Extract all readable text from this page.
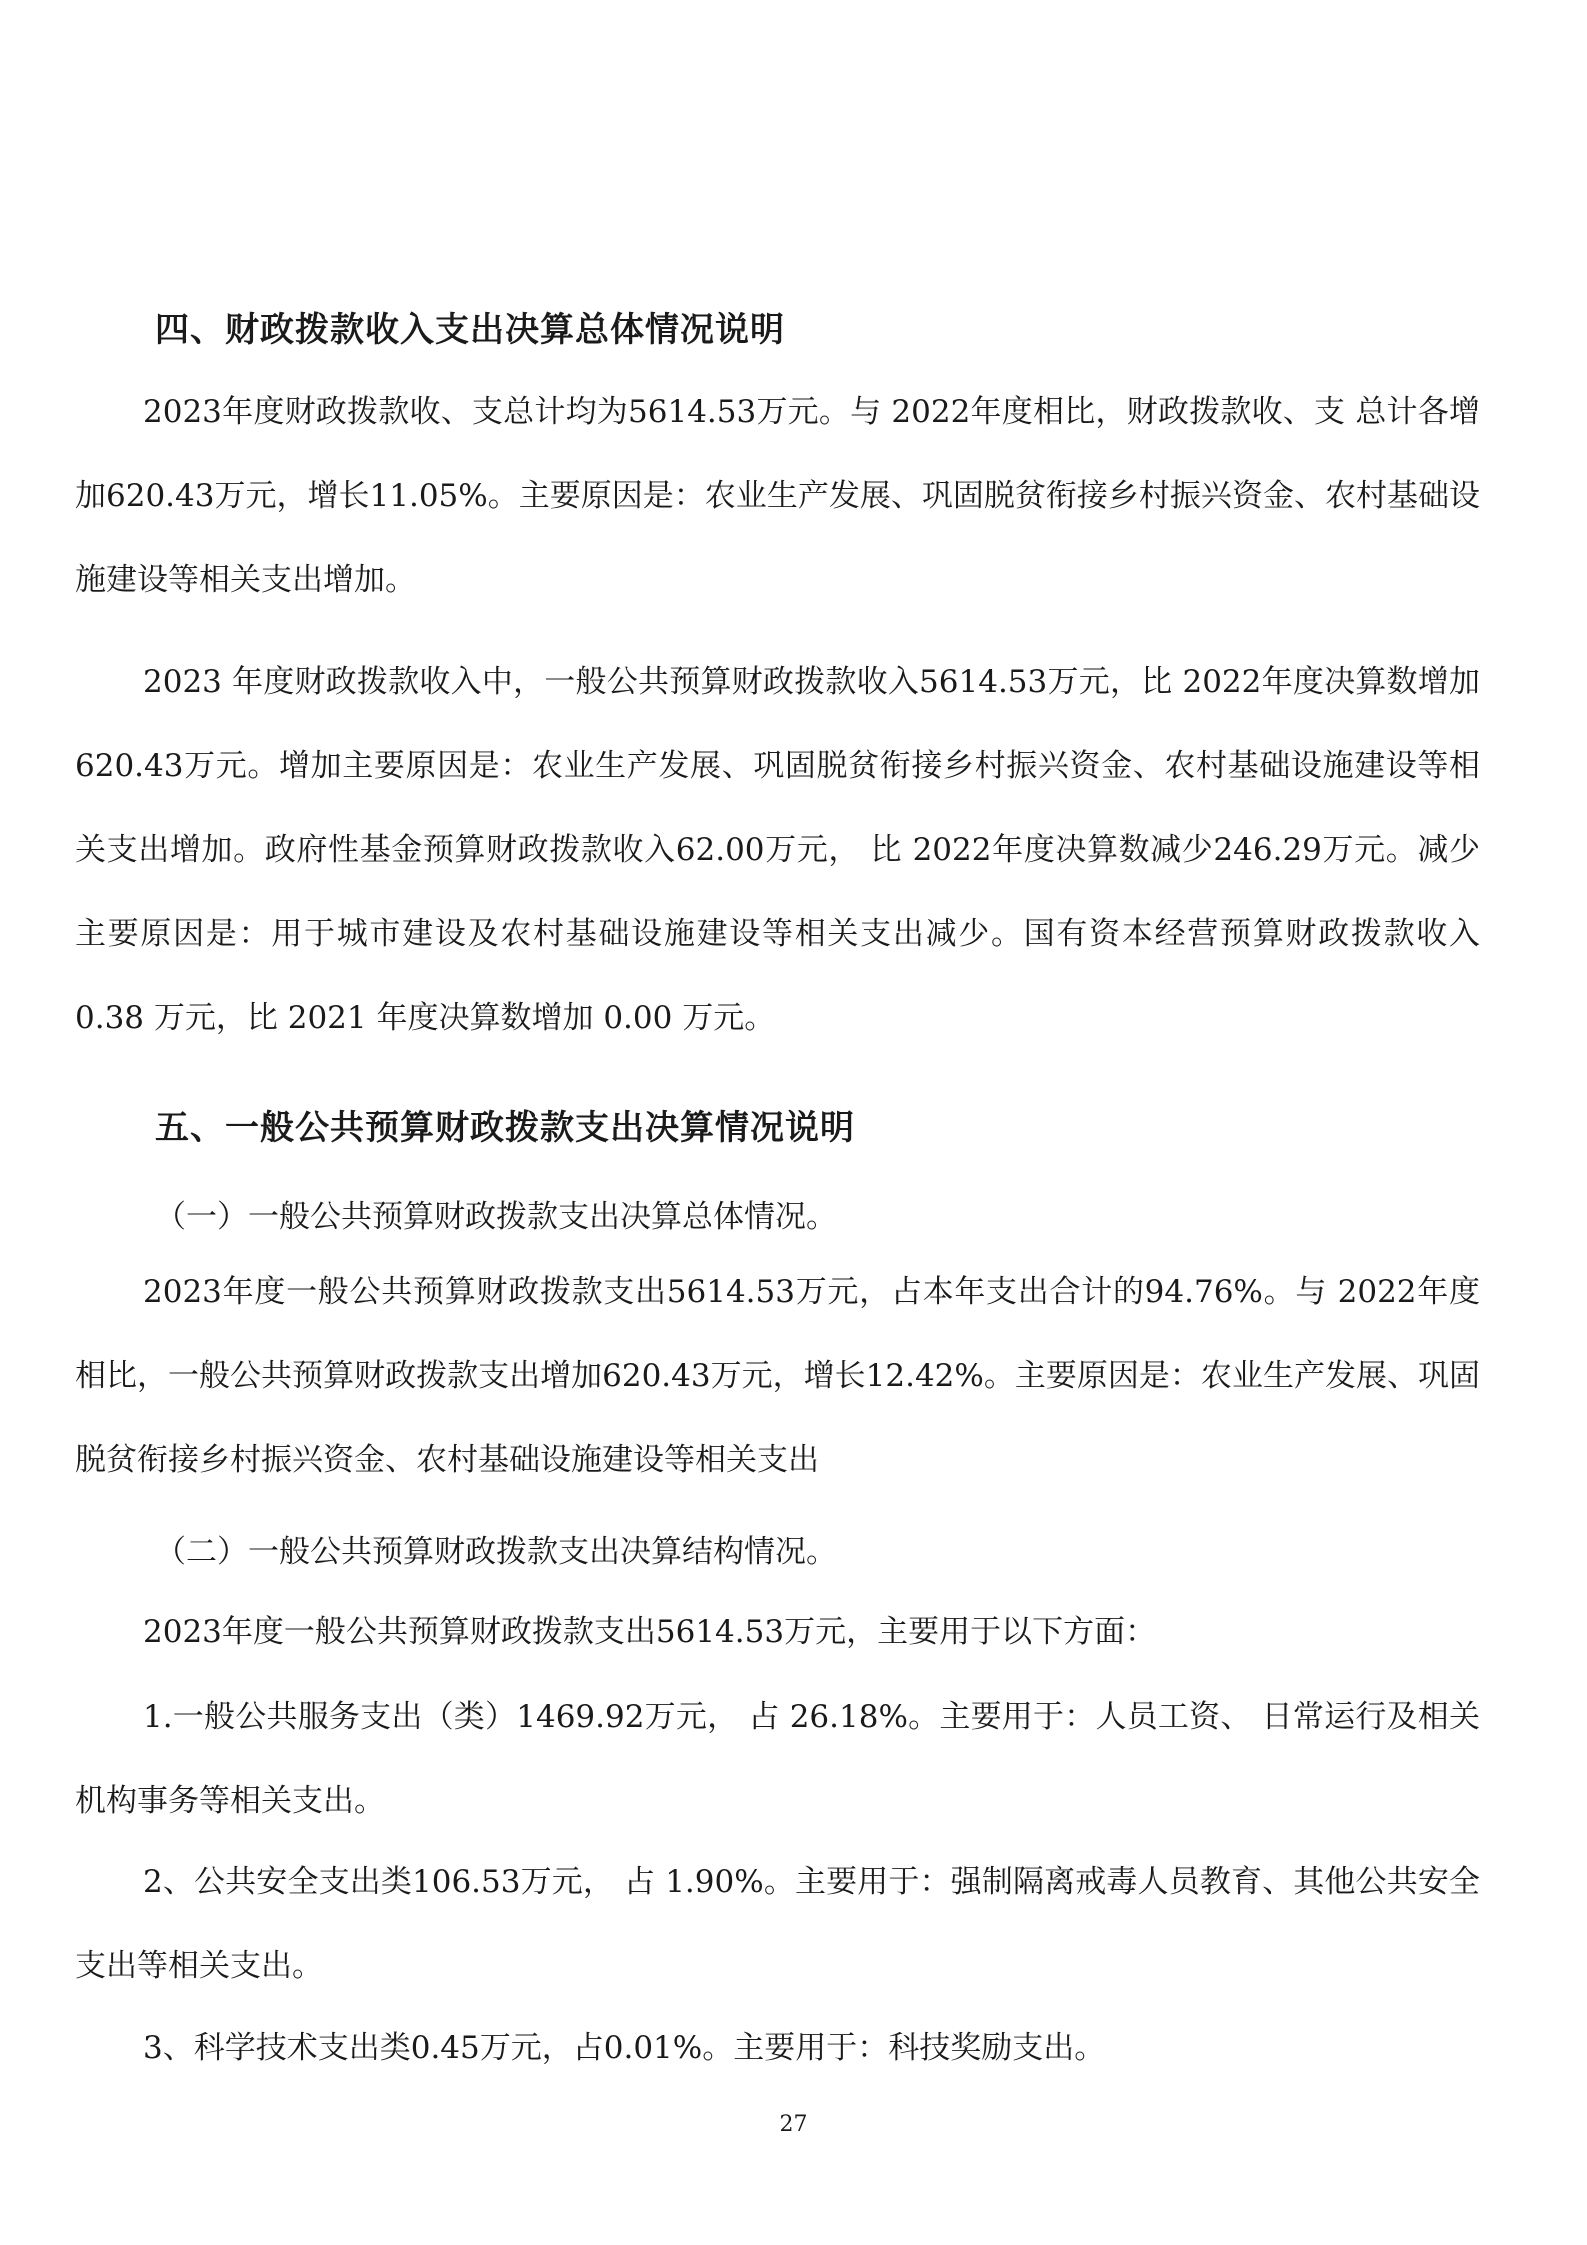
四、财政拨款收入支出决算总体情况说明
2023年度财政拨款收、支总计均为5614.53万元。与 2022年度相比，财政拨款收、支 总计各增加620.43万元，增长11.05%。主要原因是：农业生产发展、巩固脱贫衔接乡村振兴资金、农村基础设施建设等相关支出增加。
2023 年度财政拨款收入中，一般公共预算财政拨款收入5614.53万元，比 2022年度决算数增加620.43万元。增加主要原因是：农业生产发展、巩固脱贫衔接乡村振兴资金、农村基础设施建设等相关支出增加。政府性基金预算财政拨款收入62.00万元， 比 2022年度决算数减少246.29万元。减少主要原因是：用于城市建设及农村基础设施建设等相关支出减少。国有资本经营预算财政拨款收入 0.38 万元，比 2021 年度决算数增加 0.00 万元。
五、一般公共预算财政拨款支出决算情况说明
（一）一般公共预算财政拨款支出决算总体情况。
2023年度一般公共预算财政拨款支出5614.53万元，占本年支出合计的94.76%。与 2022年度相比，一般公共预算财政拨款支出增加620.43万元，增长12.42%。主要原因是：农业生产发展、巩固脱贫衔接乡村振兴资金、农村基础设施建设等相关支出
（二）一般公共预算财政拨款支出决算结构情况。
2023年度一般公共预算财政拨款支出5614.53万元，主要用于以下方面：
1.一般公共服务支出（类）1469.92万元， 占 26.18%。主要用于：人员工资、 日常运行及相关机构事务等相关支出。
2、公共安全支出类106.53万元， 占 1.90%。主要用于：强制隔离戒毒人员教育、其他公共安全支出等相关支出。
3、科学技术支出类0.45万元，占0.01%。主要用于：科技奖励支出。
27
